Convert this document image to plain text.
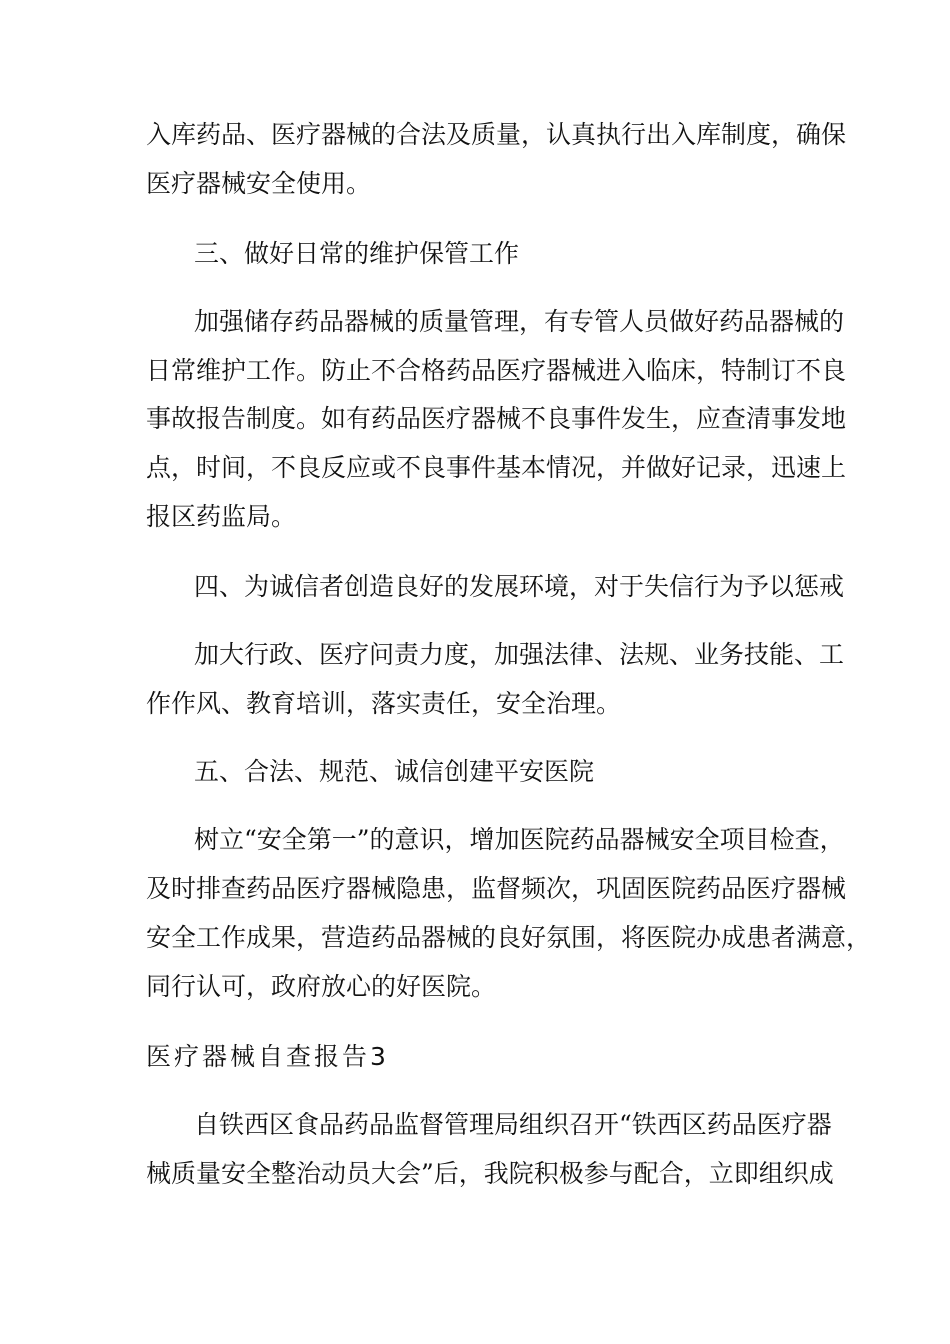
入库药品、医疗器械的合法及质量，认真执行出入库制度，确保
医疗器械安全使用。
三、做好日常的维护保管工作
加强储存药品器械的质量管理，有专管人员做好药品器械的
日常维护工作。防止不合格药品医疗器械进入临床，特制订不良
事故报告制度。如有药品医疗器械不良事件发生，应查清事发地
点，时间，不良反应或不良事件基本情况，并做好记录，迅速上
报区药监局。
四、为诚信者创造良好的发展环境，对于失信行为予以惩戒
加大行政、医疗问责力度，加强法律、法规、业务技能、工
作作风、教育培训，落实责任，安全治理。
五、合法、规范、诚信创建平安医院
树立“安全第一”的意识，增加医院药品器械安全项目检查，
及时排查药品医疗器械隐患，监督频次，巩固医院药品医疗器械
安全工作成果，营造药品器械的良好氛围，将医院办成患者满意，
同行认可，政府放心的好医院。
医疗器械自查报告3
自铁西区食品药品监督管理局组织召开“铁西区药品医疗器
械质量安全整治动员大会”后，我院积极参与配合，立即组织成
